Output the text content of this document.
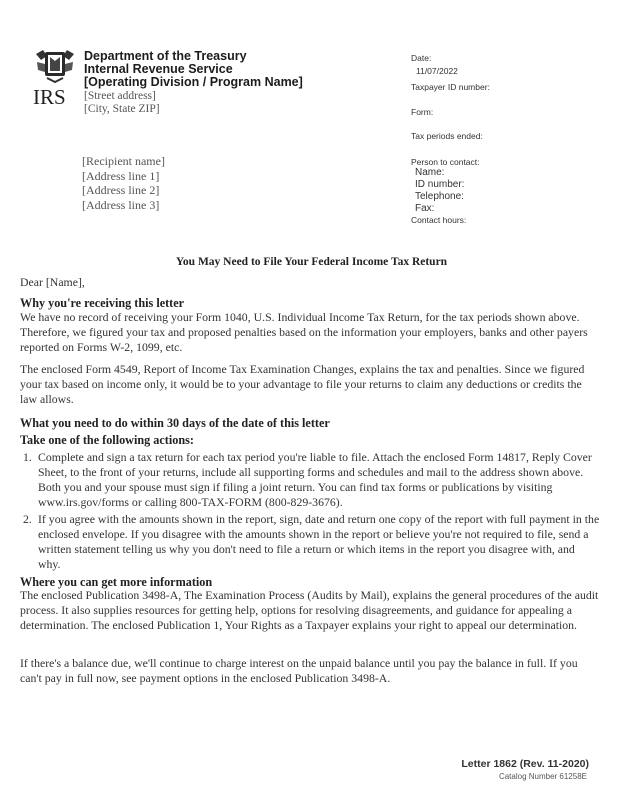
IRS
Department of the Treasury
Internal Revenue Service
[Operating Division / Program Name]
[Street address]
[City, State ZIP]
[Recipient name]
[Address line 1]
[Address line 2]
[Address line 3]
Date:
11/07/2022
Taxpayer ID number:
Form:
Tax periods ended:
Person to contact:
Name:
ID number:
Telephone:
Fax:
Contact hours:
You May Need to File Your Federal Income Tax Return
Dear [Name],
Why you're receiving this letter
We have no record of receiving your Form 1040, U.S. Individual Income Tax Return, for the tax periods shown above. Therefore, we figured your tax and proposed penalties based on the information your employers, banks and other payers reported on Forms W-2, 1099, etc.
The enclosed Form 4549, Report of Income Tax Examination Changes, explains the tax and penalties. Since we figured your tax based on income only, it would be to your advantage to file your returns to claim any deductions or credits the law allows.
What you need to do within 30 days of the date of this letter
Take one of the following actions:
1. Complete and sign a tax return for each tax period you're liable to file. Attach the enclosed Form 14817, Reply Cover Sheet, to the front of your returns, include all supporting forms and schedules and mail to the address shown above. Both you and your spouse must sign if filing a joint return. You can find tax forms or publications by visiting www.irs.gov/forms or calling 800-TAX-FORM (800-829-3676).
2. If you agree with the amounts shown in the report, sign, date and return one copy of the report with full payment in the enclosed envelope. If you disagree with the amounts shown in the report or believe you're not required to file, send a written statement telling us why you don't need to file a return or which items in the report you disagree with, and why.
Where you can get more information
The enclosed Publication 3498-A, The Examination Process (Audits by Mail), explains the general procedures of the audit process. It also supplies resources for getting help, options for resolving disagreements, and guidance for appealing a determination. The enclosed Publication 1, Your Rights as a Taxpayer explains your right to appeal our determination.
If there's a balance due, we'll continue to charge interest on the unpaid balance until you pay the balance in full. If you can't pay in full now, see payment options in the enclosed Publication 3498-A.
Letter 1862 (Rev. 11-2020)
Catalog Number 61258E
